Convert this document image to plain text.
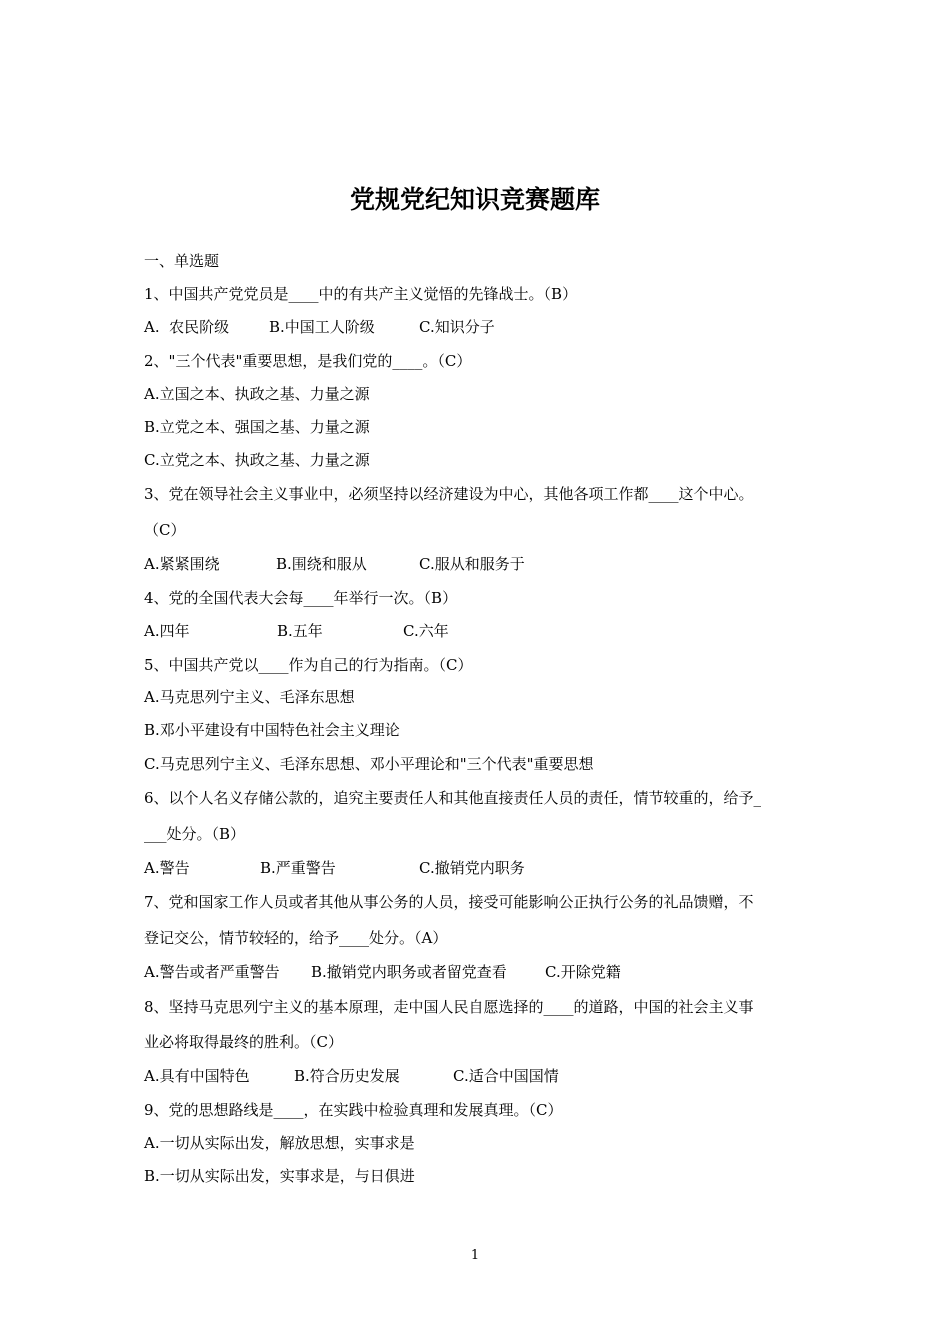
党规党纪知识竞赛题库
一、单选题
1、中国共产党党员是____中的有共产主义觉悟的先锋战士。（B）
A.  农民阶级	B.中国工人阶级	C.知识分子
2、"三个代表"重要思想，是我们党的____。（C）
A.立国之本、执政之基、力量之源
B.立党之本、强国之基、力量之源
C.立党之本、执政之基、力量之源
3、党在领导社会主义事业中，必须坚持以经济建设为中心，其他各项工作都____这个中心。
（C）
A.紧紧围绕	B.围绕和服从	C.服从和服务于
4、党的全国代表大会每____年举行一次。（B）
A.四年	B.五年	C.六年
5、中国共产党以____作为自己的行为指南。（C）
A.马克思列宁主义、毛泽东思想
B.邓小平建设有中国特色社会主义理论
C.马克思列宁主义、毛泽东思想、邓小平理论和"三个代表"重要思想
6、以个人名义存储公款的，追究主要责任人和其他直接责任人员的责任，情节较重的，给予_
___处分。（B）
A.警告	B.严重警告	C.撤销党内职务
7、党和国家工作人员或者其他从事公务的人员，接受可能影响公正执行公务的礼品馈赠，不
登记交公，情节较轻的，给予____处分。（A）
A.警告或者严重警告 B.撤销党内职务或者留党查看	C.开除党籍
8、坚持马克思列宁主义的基本原理，走中国人民自愿选择的____的道路，中国的社会主义事
业必将取得最终的胜利。（C）
A.具有中国特色	B.符合历史发展	C.适合中国国情
9、党的思想路线是____，在实践中检验真理和发展真理。（C）
A.一切从实际出发，解放思想，实事求是
B.一切从实际出发，实事求是，与日俱进
1
